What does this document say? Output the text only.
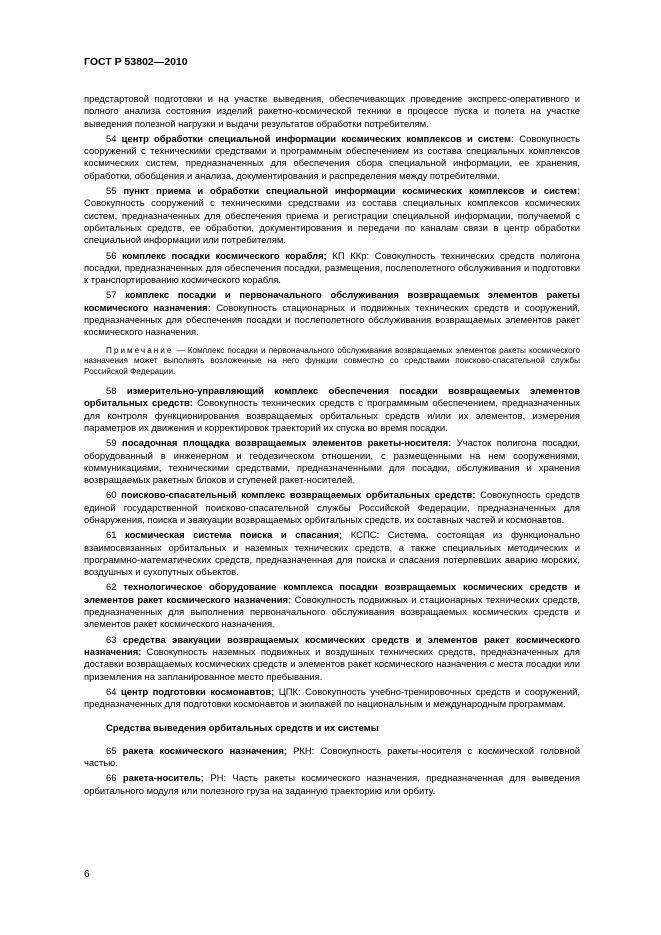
ГОСТ Р 53802—2010

предстартовой подготовки и на участке выведения, обеспечивающих проведение экспресс-оперативного и полного анализа состояния изделий ракетно-космической техники в процессе пуска и полета на участке выведения полезной нагрузки и выдачи результатов обработки потребителям.

54 центр обработки специальной информации космических комплексов и систем: Совокупность сооружений с техническими средствами и программным обеспечением из состава специальных комплексов космических систем, предназначенных для обеспечения сбора специальной информации, ее хранения, обработки, обобщения и анализа, документирования и распределения между потребителями.

55 пункт приема и обработки специальной информации космических комплексов и систем: Совокупность сооружений с техническими средствами из состава специальных комплексов космических систем, предназначенных для обеспечения приема и регистрации специальной информации, получаемой с орбитальных средств, ее обработки, документирования и передачи по каналам связи в центр обработки специальной информации или потребителям.

56 комплекс посадки космического корабля; КП ККр: Совокупность технических средств полигона посадки, предназначенных для обеспечения посадки, размещения, послеполетного обслуживания и подготовки к транспортированию космического корабля.

57 комплекс посадки и первоначального обслуживания возвращаемых элементов ракеты космического назначения: Совокупность стационарных и подвижных технических средств и сооружений, предназначенных для обеспечения посадки и послеполетного обслуживания возвращаемых элементов ракет космического назначения.

Примечание — Комплекс посадки и первоначального обслуживания возвращаемых элементов ракеты космического назначения может выполнять возложенные на него функции совместно со средствами поисково-спасательной службы Российской Федерации.

58 измерительно-управляющий комплекс обеспечения посадки возвращаемых элементов орбитальных средств: Совокупность технических средств с программным обеспечением, предназначенных для контроля функционирования возвращаемых орбитальных средств и/или их элементов, измерения параметров их движения и корректировок траекторий их спуска во время посадки.

59 посадочная площадка возвращаемых элементов ракеты-носителя: Участок полигона посадки, оборудованный в инженерном и геодезическом отношении, с размещенными на нем сооружениями, коммуникациями, техническими средствами, предназначенными для посадки, обслуживания и хранения возвращаемых ракетных блоков и ступеней ракет-носителей.

60 поисково-спасательный комплекс возвращаемых орбитальных средств: Совокупность средств единой государственной поисково-спасательной службы Российской Федерации, предназначенных для обнаружения, поиска и эвакуации возвращаемых орбитальных средств, их составных частей и космонавтов.

61 космическая система поиска и спасания; КСПС: Система, состоящая из функционально взаимосвязанных орбитальных и наземных технических средств, а также специальных методических и программно-математических средств, предназначенная для поиска и спасания потерпевших аварию морских, воздушных и сухопутных объектов.

62 технологическое оборудование комплекса посадки возвращаемых космических средств и элементов ракет космического назначения: Совокупность подвижных и стационарных технических средств, предназначенных для выполнения первоначального обслуживания возвращаемых космических средств и элементов ракет космического назначения.

63 средства эвакуации возвращаемых космических средств и элементов ракет космического назначения: Совокупность наземных подвижных и воздушных технических средств, предназначенных для доставки возвращаемых космических средств и элементов ракет космического назначения с места посадки или приземления на запланированное место пребывания.

64 центр подготовки космонавтов; ЦПК: Совокупность учебно-тренировочных средств и сооружений, предназначенных для подготовки космонавтов и экипажей по национальным и международным программам.

Средства выведения орбитальных средств и их системы

65 ракета космического назначения; РКН: Совокупность ракеты-носителя с космической головной частью.

66 ракета-носитель; РН: Часть ракеты космического назначения, предназначенная для выведения орбитального модуля или полезного груза на заданную траекторию или орбиту.

6
